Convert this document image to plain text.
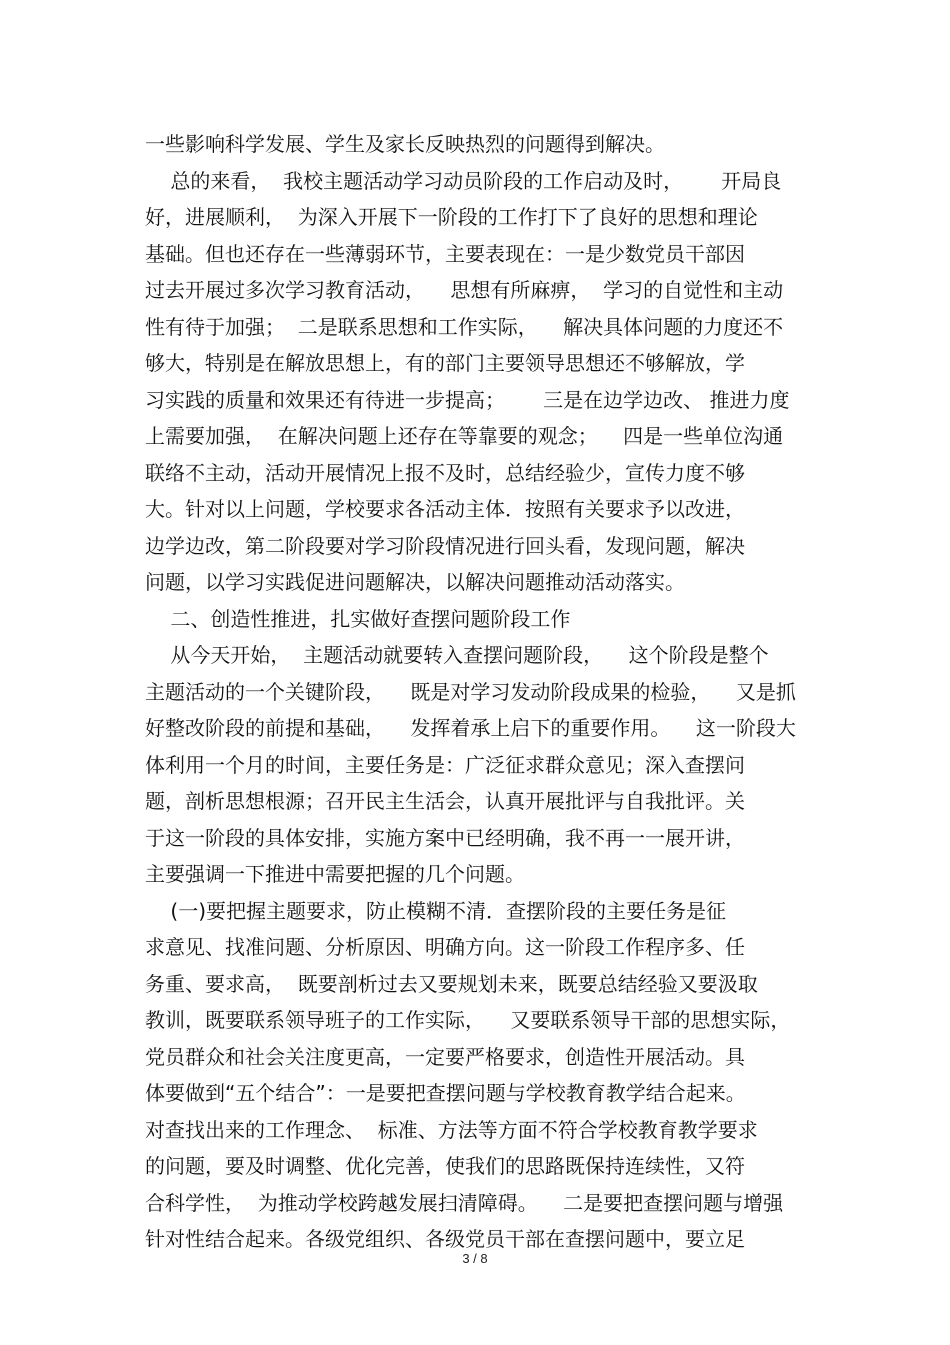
一些影响科学发展、学生及家长反映热烈的问题得到解决。
总的来看，  我校主题活动学习动员阶段的工作启动及时，      开局良
好，进展顺利，  为深入开展下一阶段的工作打下了良好的思想和理论
基础。但也还存在一些薄弱环节，主要表现在：一是少数党员干部因
过去开展过多次学习教育活动，    思想有所麻痹，  学习的自觉性和主动
性有待于加强；  二是联系思想和工作实际，    解决具体问题的力度还不
够大，特别是在解放思想上，有的部门主要领导思想还不够解放，学
习实践的质量和效果还有待进一步提高；      三是在边学边改、 推进力度
上需要加强，  在解决问题上还存在等靠要的观念；    四是一些单位沟通
联络不主动，活动开展情况上报不及时，总结经验少，宣传力度不够
大。针对以上问题，学校要求各活动主体．按照有关要求予以改进，
边学边改，第二阶段要对学习阶段情况进行回头看，发现问题，解决
问题，以学习实践促进问题解决，以解决问题推动活动落实。
二、创造性推进，扎实做好查摆问题阶段工作
从今天开始，  主题活动就要转入查摆问题阶段，    这个阶段是整个
主题活动的一个关键阶段，    既是对学习发动阶段成果的检验，    又是抓
好整改阶段的前提和基础，    发挥着承上启下的重要作用。    这一阶段大
体利用一个月的时间，主要任务是：广泛征求群众意见；深入查摆问
题，剖析思想根源；召开民主生活会，认真开展批评与自我批评。关
于这一阶段的具体安排，实施方案中已经明确，我不再一一展开讲，
主要强调一下推进中需要把握的几个问题。
(一)要把握主题要求，防止模糊不清．查摆阶段的主要任务是征
求意见、找准问题、分析原因、明确方向。这一阶段工作程序多、任
务重、要求高，  既要剖析过去又要规划未来，既要总结经验又要汲取
教训，既要联系领导班子的工作实际，    又要联系领导干部的思想实际，
党员群众和社会关注度更高，一定要严格要求，创造性开展活动。具
体要做到“五个结合”：一是要把查摆问题与学校教育教学结合起来。
对查找出来的工作理念、  标准、方法等方面不符合学校教育教学要求
的问题，要及时调整、优化完善，使我们的思路既保持连续性，又符
合科学性，  为推动学校跨越发展扫清障碍。    二是要把查摆问题与增强
针对性结合起来。各级党组织、各级党员干部在查摆问题中，要立足
3 / 8
